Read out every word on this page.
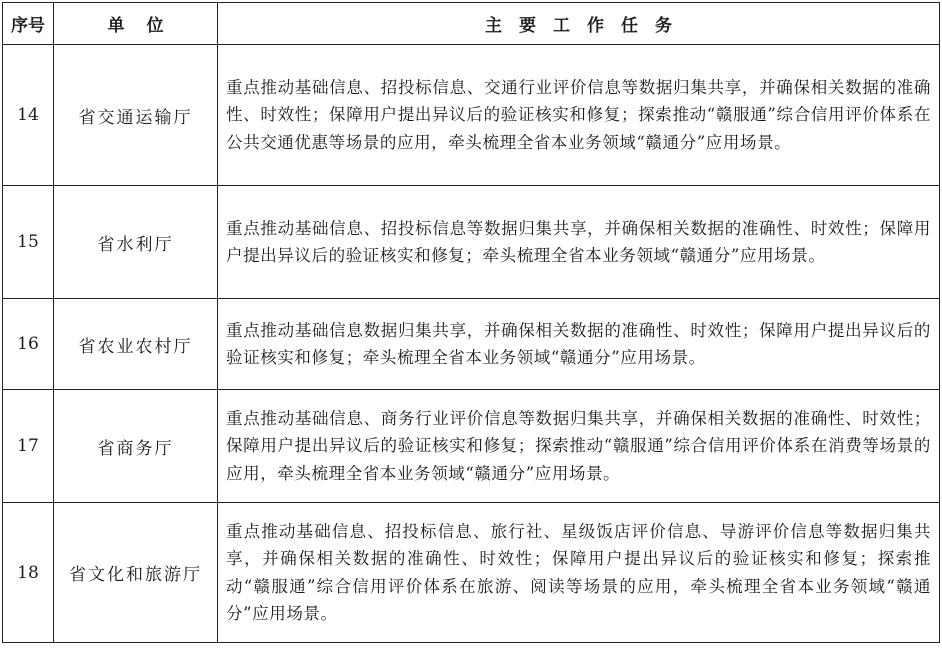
序号	单位	主要工作任务
14	省交通运输厅	重点推动基础信息、招投标信息、交通行业评价信息等数据归集共享，并确保相关数据的准确性、时效性；保障用户提出异议后的验证核实和修复；探索推动“赣服通”综合信用评价体系在公共交通优惠等场景的应用，牵头梳理全省本业务领域“赣通分”应用场景。
15	省水利厅	重点推动基础信息、招投标信息等数据归集共享，并确保相关数据的准确性、时效性；保障用户提出异议后的验证核实和修复；牵头梳理全省本业务领域“赣通分”应用场景。
16	省农业农村厅	重点推动基础信息数据归集共享，并确保相关数据的准确性、时效性；保障用户提出异议后的验证核实和修复；牵头梳理全省本业务领域“赣通分”应用场景。
17	省商务厅	重点推动基础信息、商务行业评价信息等数据归集共享，并确保相关数据的准确性、时效性；保障用户提出异议后的验证核实和修复；探索推动“赣服通”综合信用评价体系在消费等场景的应用，牵头梳理全省本业务领域“赣通分”应用场景。
18	省文化和旅游厅	重点推动基础信息、招投标信息、旅行社、星级饭店评价信息、导游评价信息等数据归集共享，并确保相关数据的准确性、时效性；保障用户提出异议后的验证核实和修复；探索推动“赣服通”综合信用评价体系在旅游、阅读等场景的应用，牵头梳理全省本业务领域“赣通分”应用场景。
